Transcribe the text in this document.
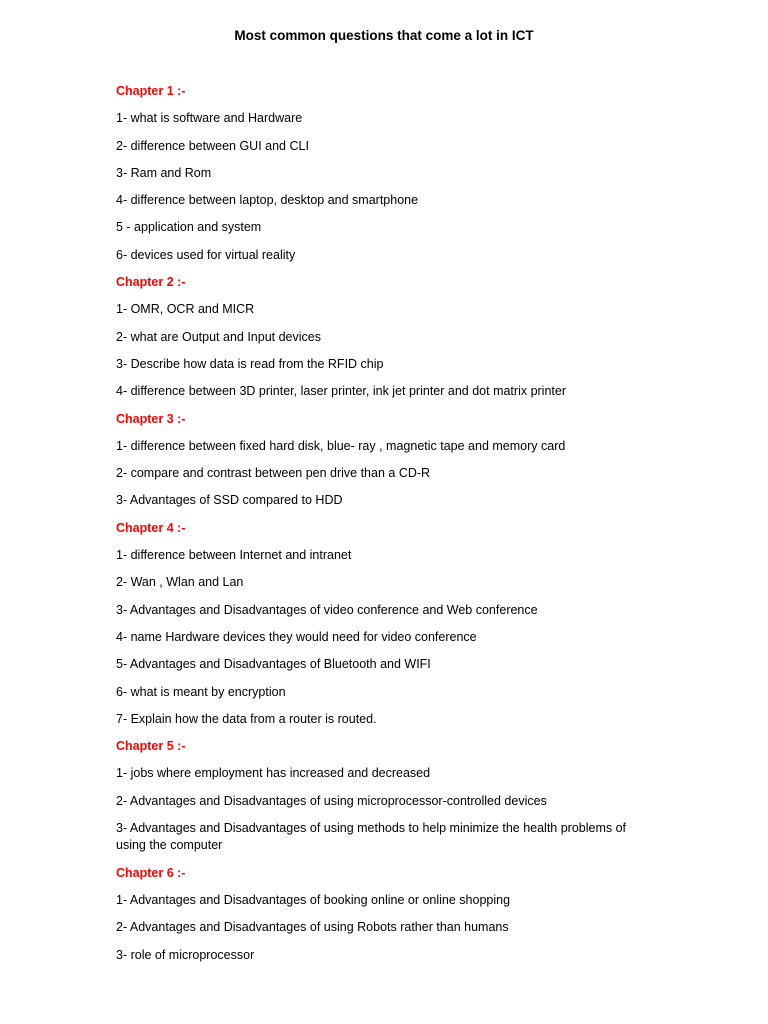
Most common questions that come a lot in ICT
Chapter 1 :-
1- what is software and Hardware
2- difference between GUI and CLI
3- Ram and Rom
4- difference between laptop, desktop and smartphone
5 - application and system
6- devices used for virtual reality
Chapter 2 :-
1- OMR, OCR and MICR
2- what are Output and Input devices
3- Describe how data is read from the RFID chip
4- difference between 3D printer, laser printer, ink jet printer and dot matrix printer
Chapter 3 :-
1- difference between fixed hard disk, blue- ray , magnetic tape and memory card
2- compare and contrast between pen drive than a CD-R
3- Advantages of SSD compared to HDD
Chapter 4 :-
1- difference between Internet and intranet
2- Wan , Wlan and Lan
3- Advantages and Disadvantages of video conference and Web conference
4- name Hardware devices they would need for video conference
5- Advantages and Disadvantages of Bluetooth and WIFI
6- what is meant by encryption
7- Explain how the data from a router is routed.
Chapter 5 :-
1- jobs where employment has increased and decreased
2- Advantages and Disadvantages of using microprocessor-controlled devices
3- Advantages and Disadvantages of using methods to help minimize the health problems of using the computer
Chapter 6 :-
1- Advantages and Disadvantages of booking online or online shopping
2- Advantages and Disadvantages of using Robots rather than humans
3- role of microprocessor
